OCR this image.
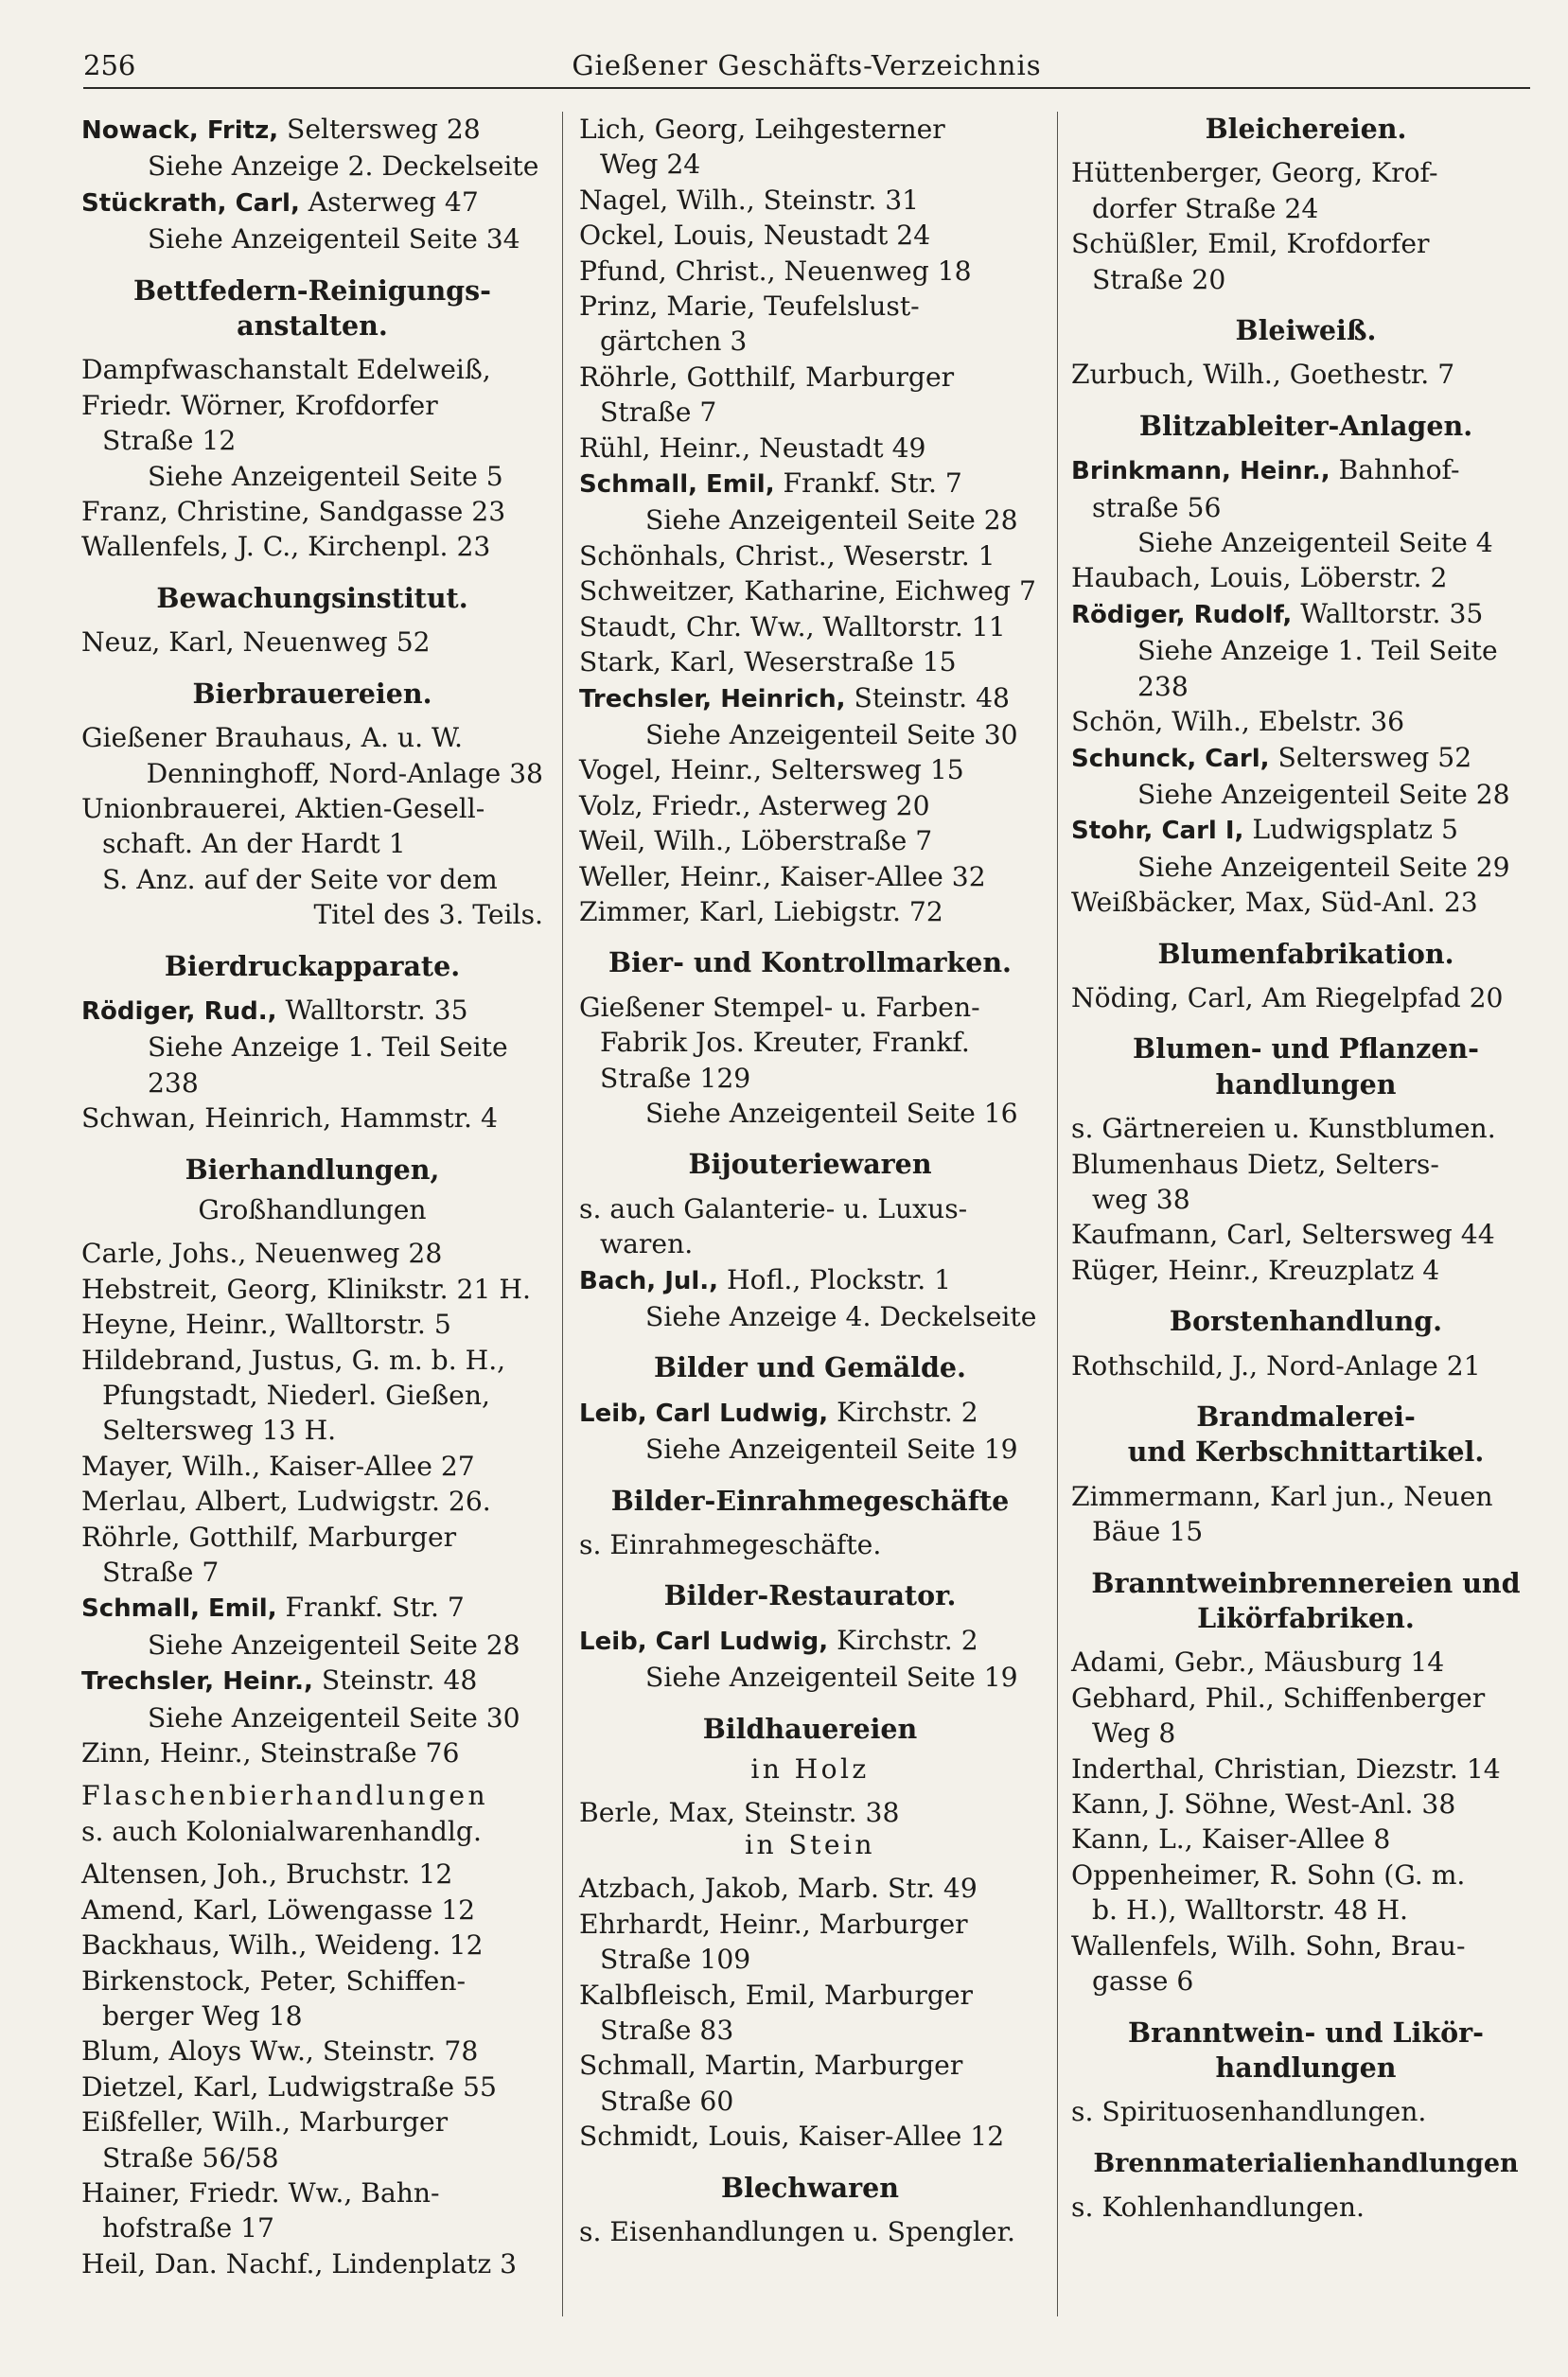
256	Gießener Geschäfts-Verzeichnis
Nowack, Fritz, Seltersweg 28
Siehe Anzeige 2. Deckelseite
Stückrath, Carl, Asterweg 47
Siehe Anzeigenteil Seite 34
Bettfedern-Reinigungs-
anstalten.
Dampfwaschanstalt Edelweiß,
Friedr. Wörner, Krofdorfer
Straße 12
Siehe Anzeigenteil Seite 5
Franz, Christine, Sandgasse 23
Wallenfels, J. C., Kirchenpl. 23
Bewachungsinstitut.
Neuz, Karl, Neuenweg 52
Bierbrauereien.
Gießener Brauhaus, A. u. W.
Denninghoff, Nord-Anlage 38
Unionbrauerei, Aktien-Gesell-
schaft. An der Hardt 1
S. Anz. auf der Seite vor dem
Titel des 3. Teils.
Bierdruckapparate.
Rödiger, Rud., Walltorstr. 35
Siehe Anzeige 1. Teil Seite 238
Schwan, Heinrich, Hammstr. 4
Bierhandlungen,
Großhandlungen
Carle, Johs., Neuenweg 28
Hebstreit, Georg, Klinikstr. 21 H.
Heyne, Heinr., Walltorstr. 5
Hildebrand, Justus, G. m. b. H.,
Pfungstadt, Niederl. Gießen,
Seltersweg 13 H.
Mayer, Wilh., Kaiser-Allee 27
Merlau, Albert, Ludwigstr. 26.
Röhrle, Gotthilf, Marburger
Straße 7
Schmall, Emil, Frankf. Str. 7
Siehe Anzeigenteil Seite 28
Trechsler, Heinr., Steinstr. 48
Siehe Anzeigenteil Seite 30
Zinn, Heinr., Steinstraße 76
Flaschenbierhandlungen
s. auch Kolonialwarenhandlg.
Altensen, Joh., Bruchstr. 12
Amend, Karl, Löwengasse 12
Backhaus, Wilh., Weideng. 12
Birkenstock, Peter, Schiffen-
berger Weg 18
Blum, Aloys Ww., Steinstr. 78
Dietzel, Karl, Ludwigstraße 55
Eißfeller, Wilh., Marburger
Straße 56/58
Hainer, Friedr. Ww., Bahn-
hofstraße 17
Heil, Dan. Nachf., Lindenplatz 3
Lich, Georg, Leihgesterner
Weg 24
Nagel, Wilh., Steinstr. 31
Ockel, Louis, Neustadt 24
Pfund, Christ., Neuenweg 18
Prinz, Marie, Teufelslust-
gärtchen 3
Röhrle, Gotthilf, Marburger
Straße 7
Rühl, Heinr., Neustadt 49
Schmall, Emil, Frankf. Str. 7
Siehe Anzeigenteil Seite 28
Schönhals, Christ., Weserstr. 1
Schweitzer, Katharine, Eichweg 7
Staudt, Chr. Ww., Walltorstr. 11
Stark, Karl, Weserstraße 15
Trechsler, Heinrich, Steinstr. 48
Siehe Anzeigenteil Seite 30
Vogel, Heinr., Seltersweg 15
Volz, Friedr., Asterweg 20
Weil, Wilh., Löberstraße 7
Weller, Heinr., Kaiser-Allee 32
Zimmer, Karl, Liebigstr. 72
Bier- und Kontrollmarken.
Gießener Stempel- u. Farben-
Fabrik Jos. Kreuter, Frankf.
Straße 129
Siehe Anzeigenteil Seite 16
Bijouteriewaren
s. auch Galanterie- u. Luxus-
waren.
Bach, Jul., Hofl., Plockstr. 1
Siehe Anzeige 4. Deckelseite
Bilder und Gemälde.
Leib, Carl Ludwig, Kirchstr. 2
Siehe Anzeigenteil Seite 19
Bilder-Einrahmegeschäfte
s. Einrahmegeschäfte.
Bilder-Restaurator.
Leib, Carl Ludwig, Kirchstr. 2
Siehe Anzeigenteil Seite 19
Bildhauereien
in Holz
Berle, Max, Steinstr. 38
in Stein
Atzbach, Jakob, Marb. Str. 49
Ehrhardt, Heinr., Marburger
Straße 109
Kalbfleisch, Emil, Marburger
Straße 83
Schmall, Martin, Marburger
Straße 60
Schmidt, Louis, Kaiser-Allee 12
Blechwaren
s. Eisenhandlungen u. Spengler.
Bleichereien.
Hüttenberger, Georg, Krof-
dorfer Straße 24
Schüßler, Emil, Krofdorfer
Straße 20
Bleiweiß.
Zurbuch, Wilh., Goethestr. 7
Blitzableiter-Anlagen.
Brinkmann, Heinr., Bahnhof-
straße 56
Siehe Anzeigenteil Seite 4
Haubach, Louis, Löberstr. 2
Rödiger, Rudolf, Walltorstr. 35
Siehe Anzeige 1. Teil Seite 238
Schön, Wilh., Ebelstr. 36
Schunck, Carl, Seltersweg 52
Siehe Anzeigenteil Seite 28
Stohr, Carl I, Ludwigsplatz 5
Siehe Anzeigenteil Seite 29
Weißbäcker, Max, Süd-Anl. 23
Blumenfabrikation.
Nöding, Carl, Am Riegelpfad 20
Blumen- und Pflanzen-
handlungen
s. Gärtnereien u. Kunstblumen.
Blumenhaus Dietz, Selters-
weg 38
Kaufmann, Carl, Seltersweg 44
Rüger, Heinr., Kreuzplatz 4
Borstenhandlung.
Rothschild, J., Nord-Anlage 21
Brandmalerei-
und Kerbschnittartikel.
Zimmermann, Karl jun., Neuen
Bäue 15
Branntweinbrennereien und
Likörfabriken.
Adami, Gebr., Mäusburg 14
Gebhard, Phil., Schiffenberger
Weg 8
Inderthal, Christian, Diezstr. 14
Kann, J. Söhne, West-Anl. 38
Kann, L., Kaiser-Allee 8
Oppenheimer, R. Sohn (G. m.
b. H.), Walltorstr. 48 H.
Wallenfels, Wilh. Sohn, Brau-
gasse 6
Branntwein- und Likör-
handlungen
s. Spirituosenhandlungen.
Brennmaterialienhandlungen
s. Kohlenhandlungen.
